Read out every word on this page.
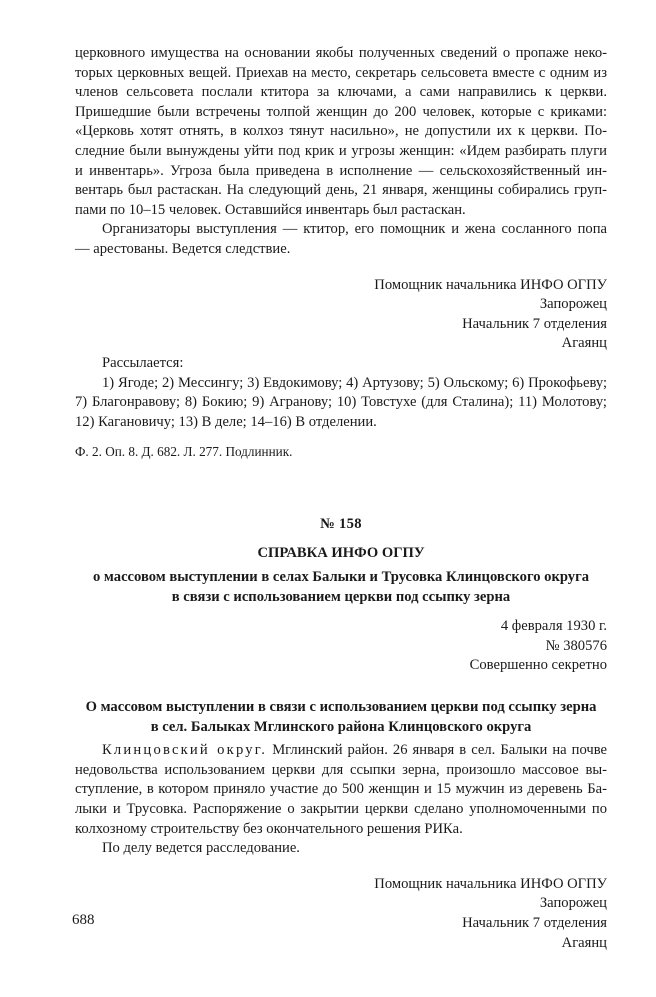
церковного имущества на основании якобы полученных сведений о пропаже неко-
торых церковных вещей. Приехав на место, секретарь сельсовета вместе с одним из
членов сельсовета послали ктитора за ключами, а сами направились к церкви.
Пришедшие были встречены толпой женщин до 200 человек, которые с криками:
«Церковь хотят отнять, в колхоз тянут насильно», не допустили их к церкви. По-
следние были вынуждены уйти под крик и угрозы женщин: «Идем разбирать плуги
и инвентарь». Угроза была приведена в исполнение — сельскохозяйственный ин-
вентарь был растаскан. На следующий день, 21 января, женщины собирались груп-
пами по 10–15 человек. Оставшийся инвентарь был растаскан.
Организаторы выступления — ктитор, его помощник и жена сосланного попа
— арестованы. Ведется следствие.
Помощник начальника ИНФО ОГПУ
Запорожец
Начальник 7 отделения
Агаянц
Рассылается:
1) Ягоде; 2) Мессингу; 3) Евдокимову; 4) Артузову; 5) Ольскому; 6) Прокофьеву;
7) Благонравову; 8) Бокию; 9) Агранову; 10) Товстухе (для Сталина); 11) Молотову;
12) Кагановичу; 13) В деле; 14–16) В отделении.

Ф. 2. Оп. 8. Д. 682. Л. 277. Подлинник.

№ 158

СПРАВКА ИНФО ОГПУ

о массовом выступлении в селах Балыки и Трусовка Клинцовского округа

в связи с использованием церкви под ссыпку зерна

4 февраля 1930 г.
№ 380576
Совершенно секретно

О массовом выступлении в связи с использованием церкви под ссыпку зерна

в сел. Балыках Мглинского района Клинцовского округа

Клинцовский округ. Мглинский район. 26 января в сел. Балыки на почве
недовольства использованием церкви для ссыпки зерна, произошло массовое вы-
ступление, в котором приняло участие до 500 женщин и 15 мужчин из деревень Ба-
лыки и Трусовка. Распоряжение о закрытии церкви сделано уполномоченными по
колхозному строительству без окончательного решения РИКа.
По делу ведется расследование.
Помощник начальника ИНФО ОГПУ
Запорожец
Начальник 7 отделения
Агаянц
688
